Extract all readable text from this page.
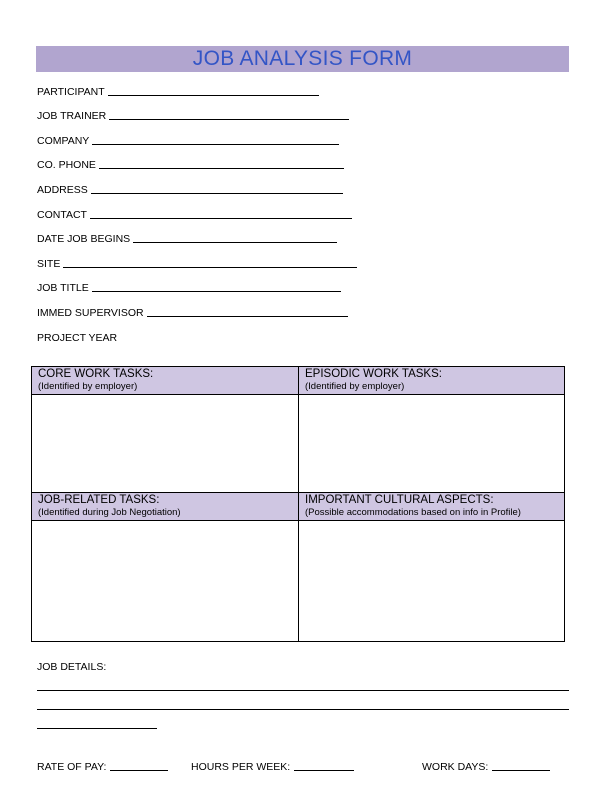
JOB ANALYSIS FORM
PARTICIPANT
JOB TRAINER
COMPANY
CO. PHONE
ADDRESS
CONTACT
DATE JOB BEGINS
SITE
JOB TITLE
IMMED SUPERVISOR
PROJECT YEAR
CORE WORK TASKS:
(Identified by employer)
EPISODIC WORK TASKS:
(Identified by employer)
JOB-RELATED TASKS:
(Identified during Job Negotiation)
IMPORTANT CULTURAL ASPECTS:
(Possible accommodations based on info in Profile)
JOB DETAILS:
RATE OF PAY:	HOURS PER WEEK:	WORK DAYS:
